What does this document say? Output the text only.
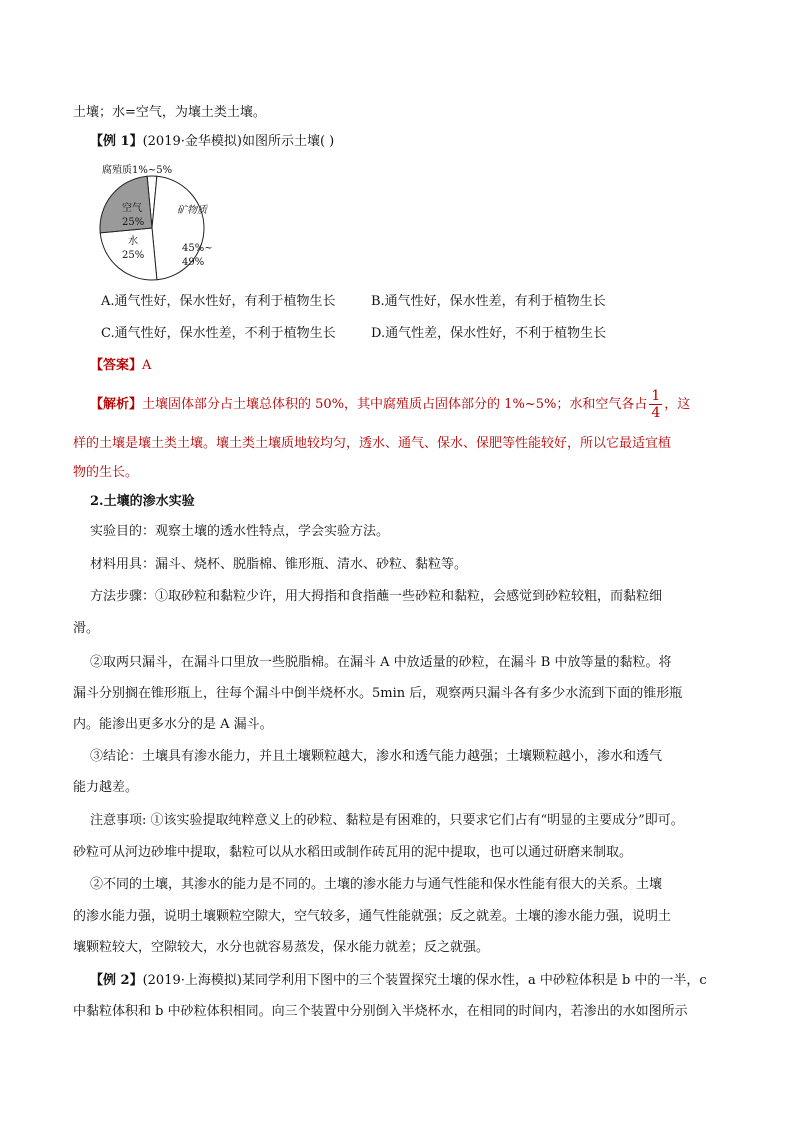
土壤；水=空气，为壤土类土壤。
【例 1】(2019·金华模拟)如图所示土壤( )
腐殖质1%~5%
空气
25%
水
25%
矿物质
45%~
49%
A.通气性好，保水性好，有利于植物生长	B.通气性好，保水性差，有利于植物生长
C.通气性好，保水性差，不利于植物生长	D.通气性差，保水性好，不利于植物生长
【答案】A
【解析】土壤固体部分占土壤总体积的 50%，其中腐殖质占固体部分的 1%~5%；水和空气各占 $\frac{1}{4}$ ，这
样的土壤是壤土类土壤。壤土类土壤质地较均匀，透水、通气、保水、保肥等性能较好，所以它最适宜植
物的生长。
2.土壤的渗水实验
实验目的：观察土壤的透水性特点，学会实验方法。
材料用具：漏斗、烧杯、脱脂棉、锥形瓶、清水、砂粒、黏粒等。
方法步骤：①取砂粒和黏粒少许，用大拇指和食指蘸一些砂粒和黏粒，会感觉到砂粒较粗，而黏粒细
滑。
②取两只漏斗，在漏斗口里放一些脱脂棉。在漏斗 A 中放适量的砂粒，在漏斗 B 中放等量的黏粒。将
漏斗分别搁在锥形瓶上，往每个漏斗中倒半烧杯水。5min 后，观察两只漏斗各有多少水流到下面的锥形瓶
内。能渗出更多水分的是 A 漏斗。
③结论：土壤具有渗水能力，并且土壤颗粒越大，渗水和透气能力越强；土壤颗粒越小，渗水和透气
能力越差。
注意事项: ①该实验提取纯粹意义上的砂粒、黏粒是有困难的，只要求它们占有“明显的主要成分”即可。
砂粒可从河边砂堆中提取，黏粒可以从水稻田或制作砖瓦用的泥中提取，也可以通过研磨来制取。
②不同的土壤，其渗水的能力是不同的。土壤的渗水能力与通气性能和保水性能有很大的关系。土壤
的渗水能力强，说明土壤颗粒空隙大，空气较多，通气性能就强；反之就差。土壤的渗水能力强，说明土
壤颗粒较大，空隙较大，水分也就容易蒸发，保水能力就差；反之就强。
【例 2】(2019·上海模拟)某同学利用下图中的三个装置探究土壤的保水性，a 中砂粒体积是 b 中的一半，c
中黏粒体积和 b 中砂粒体积相同。向三个装置中分别倒入半烧杯水，在相同的时间内，若渗出的水如图所示
